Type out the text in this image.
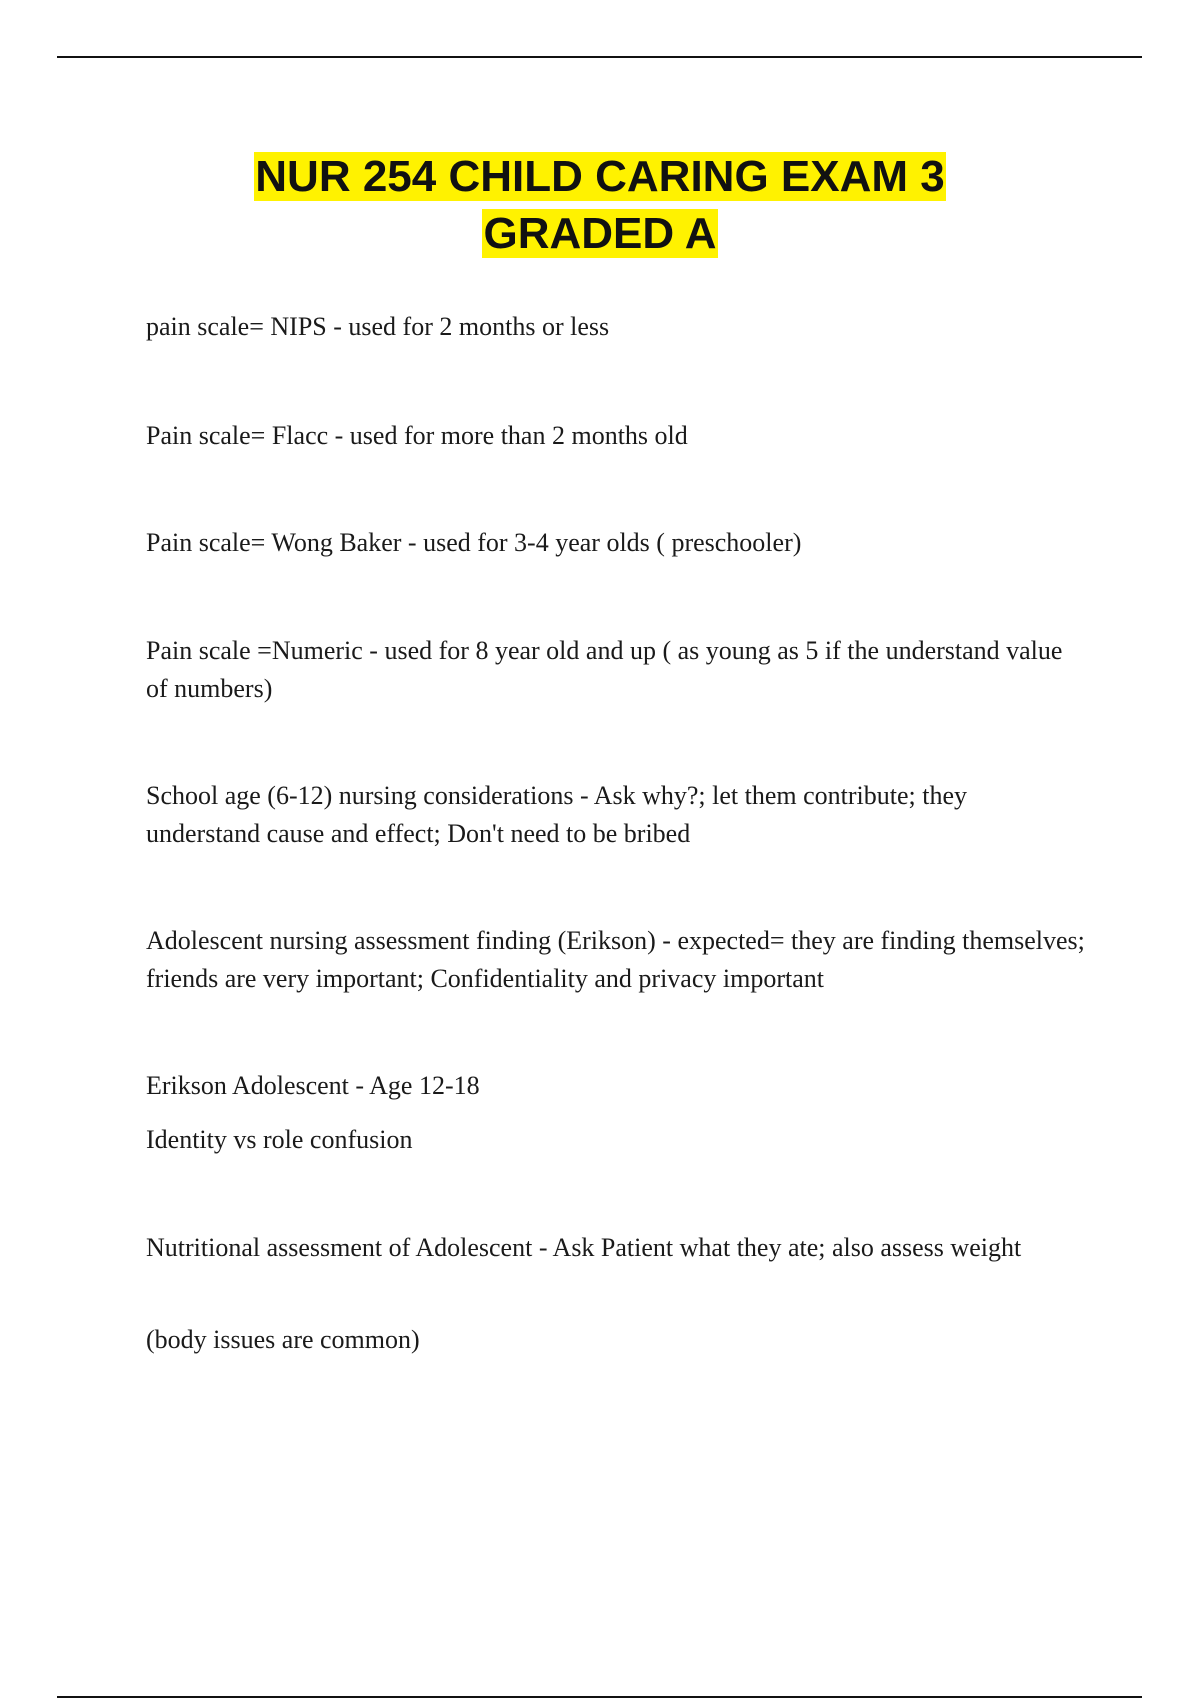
NUR 254 CHILD CARING EXAM 3
GRADED A

pain scale= NIPS - used for 2 months or less

Pain scale= Flacc - used for more than 2 months old

Pain scale= Wong Baker - used for 3-4 year olds ( preschooler)

Pain scale =Numeric - used for 8 year old and up ( as young as 5 if the understand value of numbers)

School age (6-12) nursing considerations - Ask why?; let them contribute; they understand cause and effect; Don't need to be bribed

Adolescent nursing assessment finding (Erikson) - expected= they are finding themselves; friends are very important; Confidentiality and privacy important

Erikson Adolescent - Age 12-18

Identity vs role confusion

Nutritional assessment of Adolescent - Ask Patient what they ate; also assess weight

(body issues are common)
